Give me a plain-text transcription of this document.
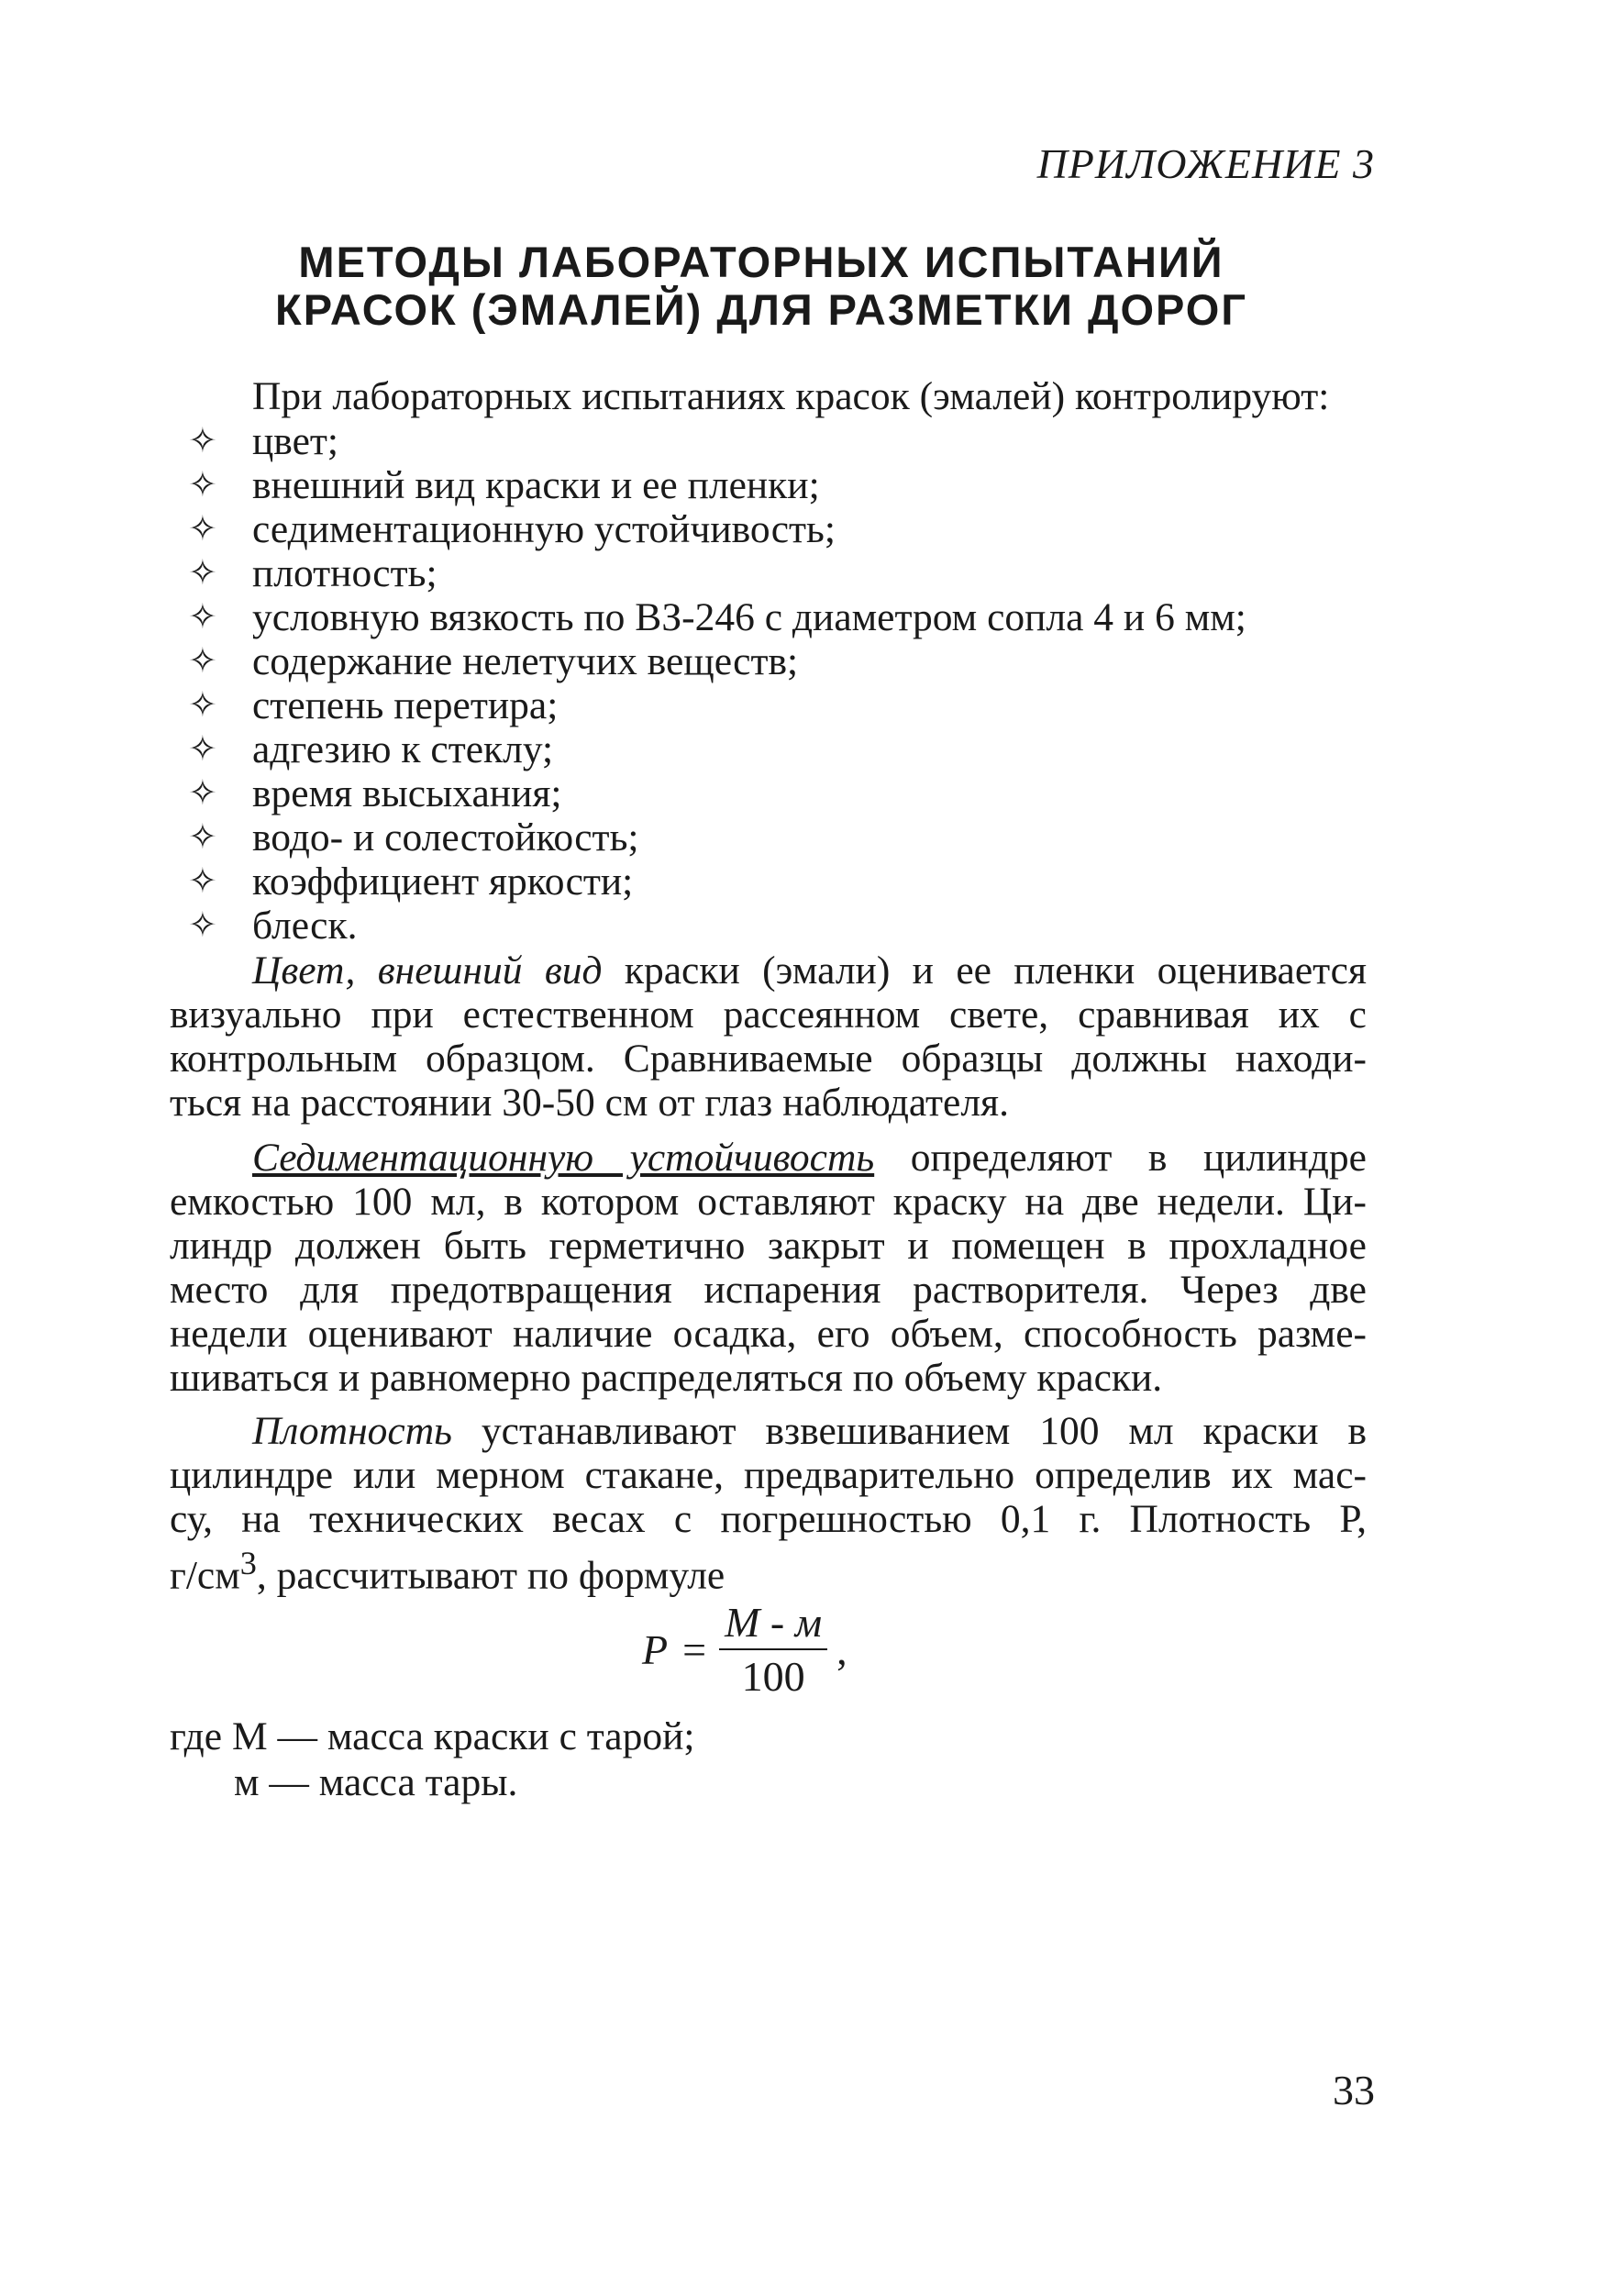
ПРИЛОЖЕНИЕ 3
МЕТОДЫ ЛАБОРАТОРНЫХ ИСПЫТАНИЙ
КРАСОК (ЭМАЛЕЙ) ДЛЯ РАЗМЕТКИ ДОРОГ
При лабораторных испытаниях красок (эмалей) контролируют:
✧ цвет;
✧ внешний вид краски и ее пленки;
✧ седиментационную устойчивость;
✧ плотность;
✧ условную вязкость по ВЗ-246 с диаметром сопла 4 и 6 мм;
✧ содержание нелетучих веществ;
✧ степень перетира;
✧ адгезию к стеклу;
✧ время высыхания;
✧ водо- и солестойкость;
✧ коэффициент яркости;
✧ блеск.
Цвет, внешний вид краски (эмали) и ее пленки оценивается
визуально при естественном рассеянном свете, сравнивая их с
контрольным образцом. Сравниваемые образцы должны находи-
ться на расстоянии 30-50 см от глаз наблюдателя.
Седиментационную устойчивость определяют в цилиндре
емкостью 100 мл, в котором оставляют краску на две недели. Ци-
линдр должен быть герметично закрыт и помещен в прохладное
место для предотвращения испарения растворителя. Через две
недели оценивают наличие осадка, его объем, способность разме-
шиваться и равномерно распределяться по объему краски.
Плотность устанавливают взвешиванием 100 мл краски в
цилиндре или мерном стакане, предварительно определив их мас-
су, на технических весах с погрешностью 0,1 г. Плотность Р,
$г/см^3$, рассчитывают по формуле
$P = \frac{M - м}{100}$ ,
где M — масса краски с тарой;
м — масса тары.
33
